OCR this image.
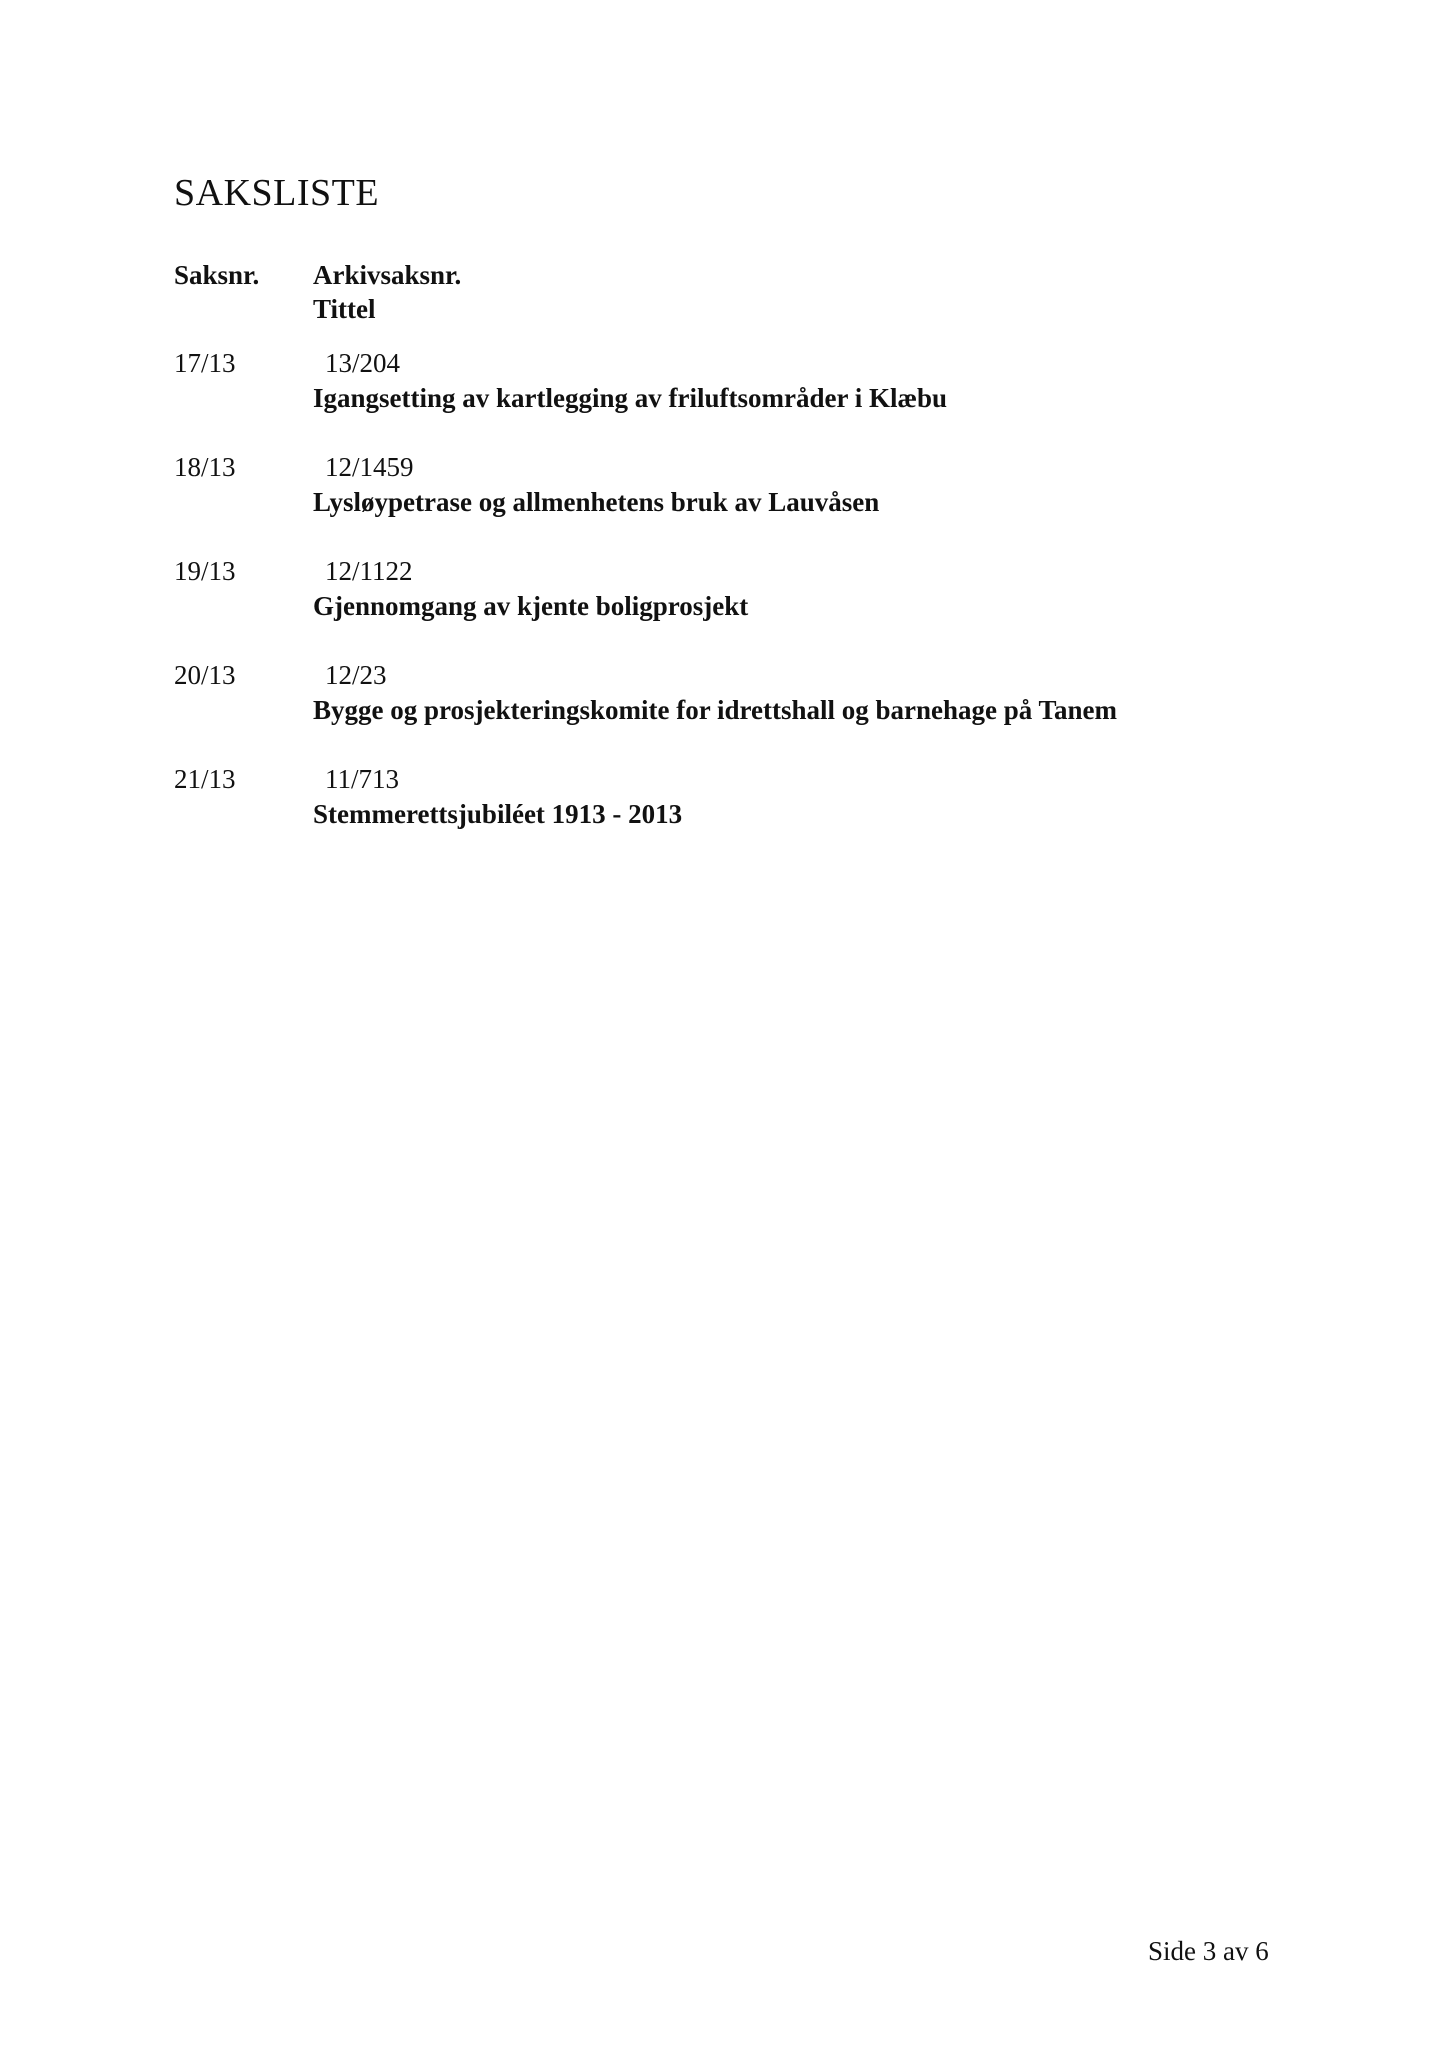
SAKSLISTE
Saksnr. Arkivsaksnr.
Tittel
17/13	13/204
Igangsetting av kartlegging av friluftsområder i Klæbu
18/13	12/1459
Lysløypetrase og allmenhetens bruk av Lauvåsen
19/13	12/1122
Gjennomgang av kjente boligprosjekt
20/13	12/23
Bygge og prosjekteringskomite for idrettshall og barnehage på Tanem
21/13	11/713
Stemmerettsjubiléet 1913 - 2013
Side 3 av 6
